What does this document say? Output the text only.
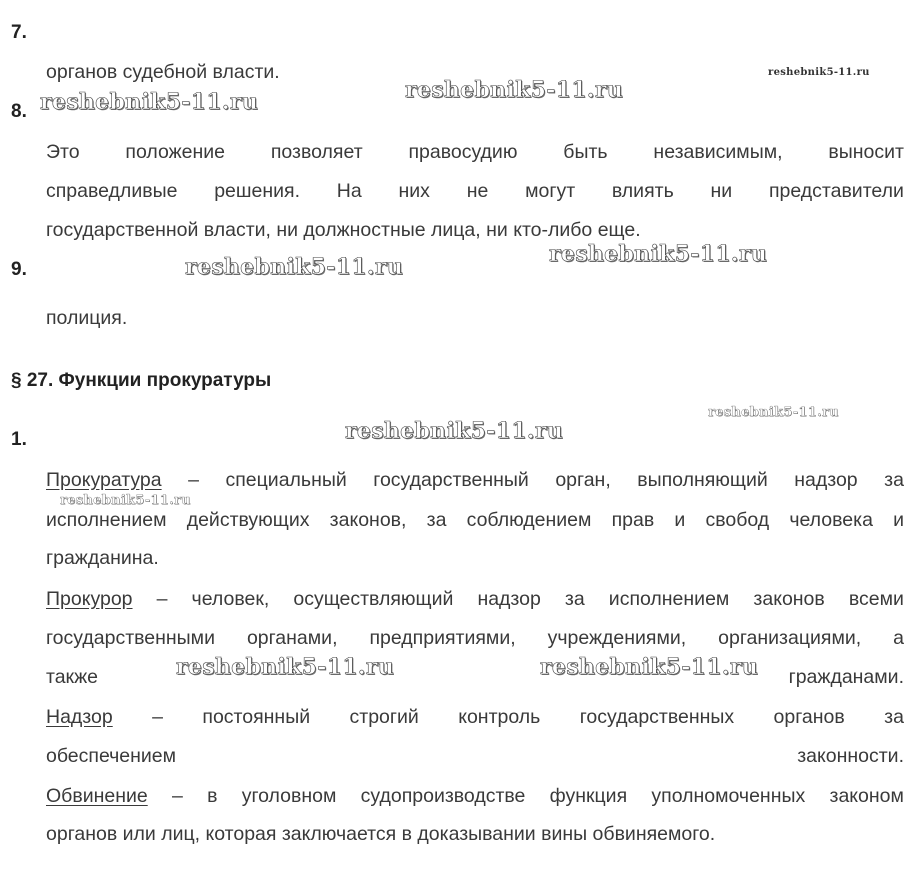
7.
органов судебной власти.
8.
Это положение позволяет правосудию быть независимым, выносит
справедливые решения. На них не могут влиять ни представители
государственной власти, ни должностные лица, ни кто-либо еще.
9.
полиция.
§ 27. Функции прокуратуры
1.
Прокуратура – специальный государственный орган, выполняющий надзор за
исполнением действующих законов, за соблюдением прав и свобод человека и
гражданина.
Прокурор – человек, осуществляющий надзор за исполнением законов всеми
государственными органами, предприятиями, учреждениями, организациями, а
также	гражданами.
Надзор – постоянный строгий контроль государственных органов за
обеспечением	законности.
Обвинение – в уголовном судопроизводстве функция уполномоченных законом
органов или лиц, которая заключается в доказывании вины обвиняемого.
reshebnik5-11.ru	reshebnik5-11.ru
reshebnik5-11.ru
reshebnik5-11.ru	reshebnik5-11.ru
reshebnik5-11.ru
reshebnik5-11.ru
reshebnik5-11.ru
reshebnik5-11.ru	reshebnik5-11.ru
